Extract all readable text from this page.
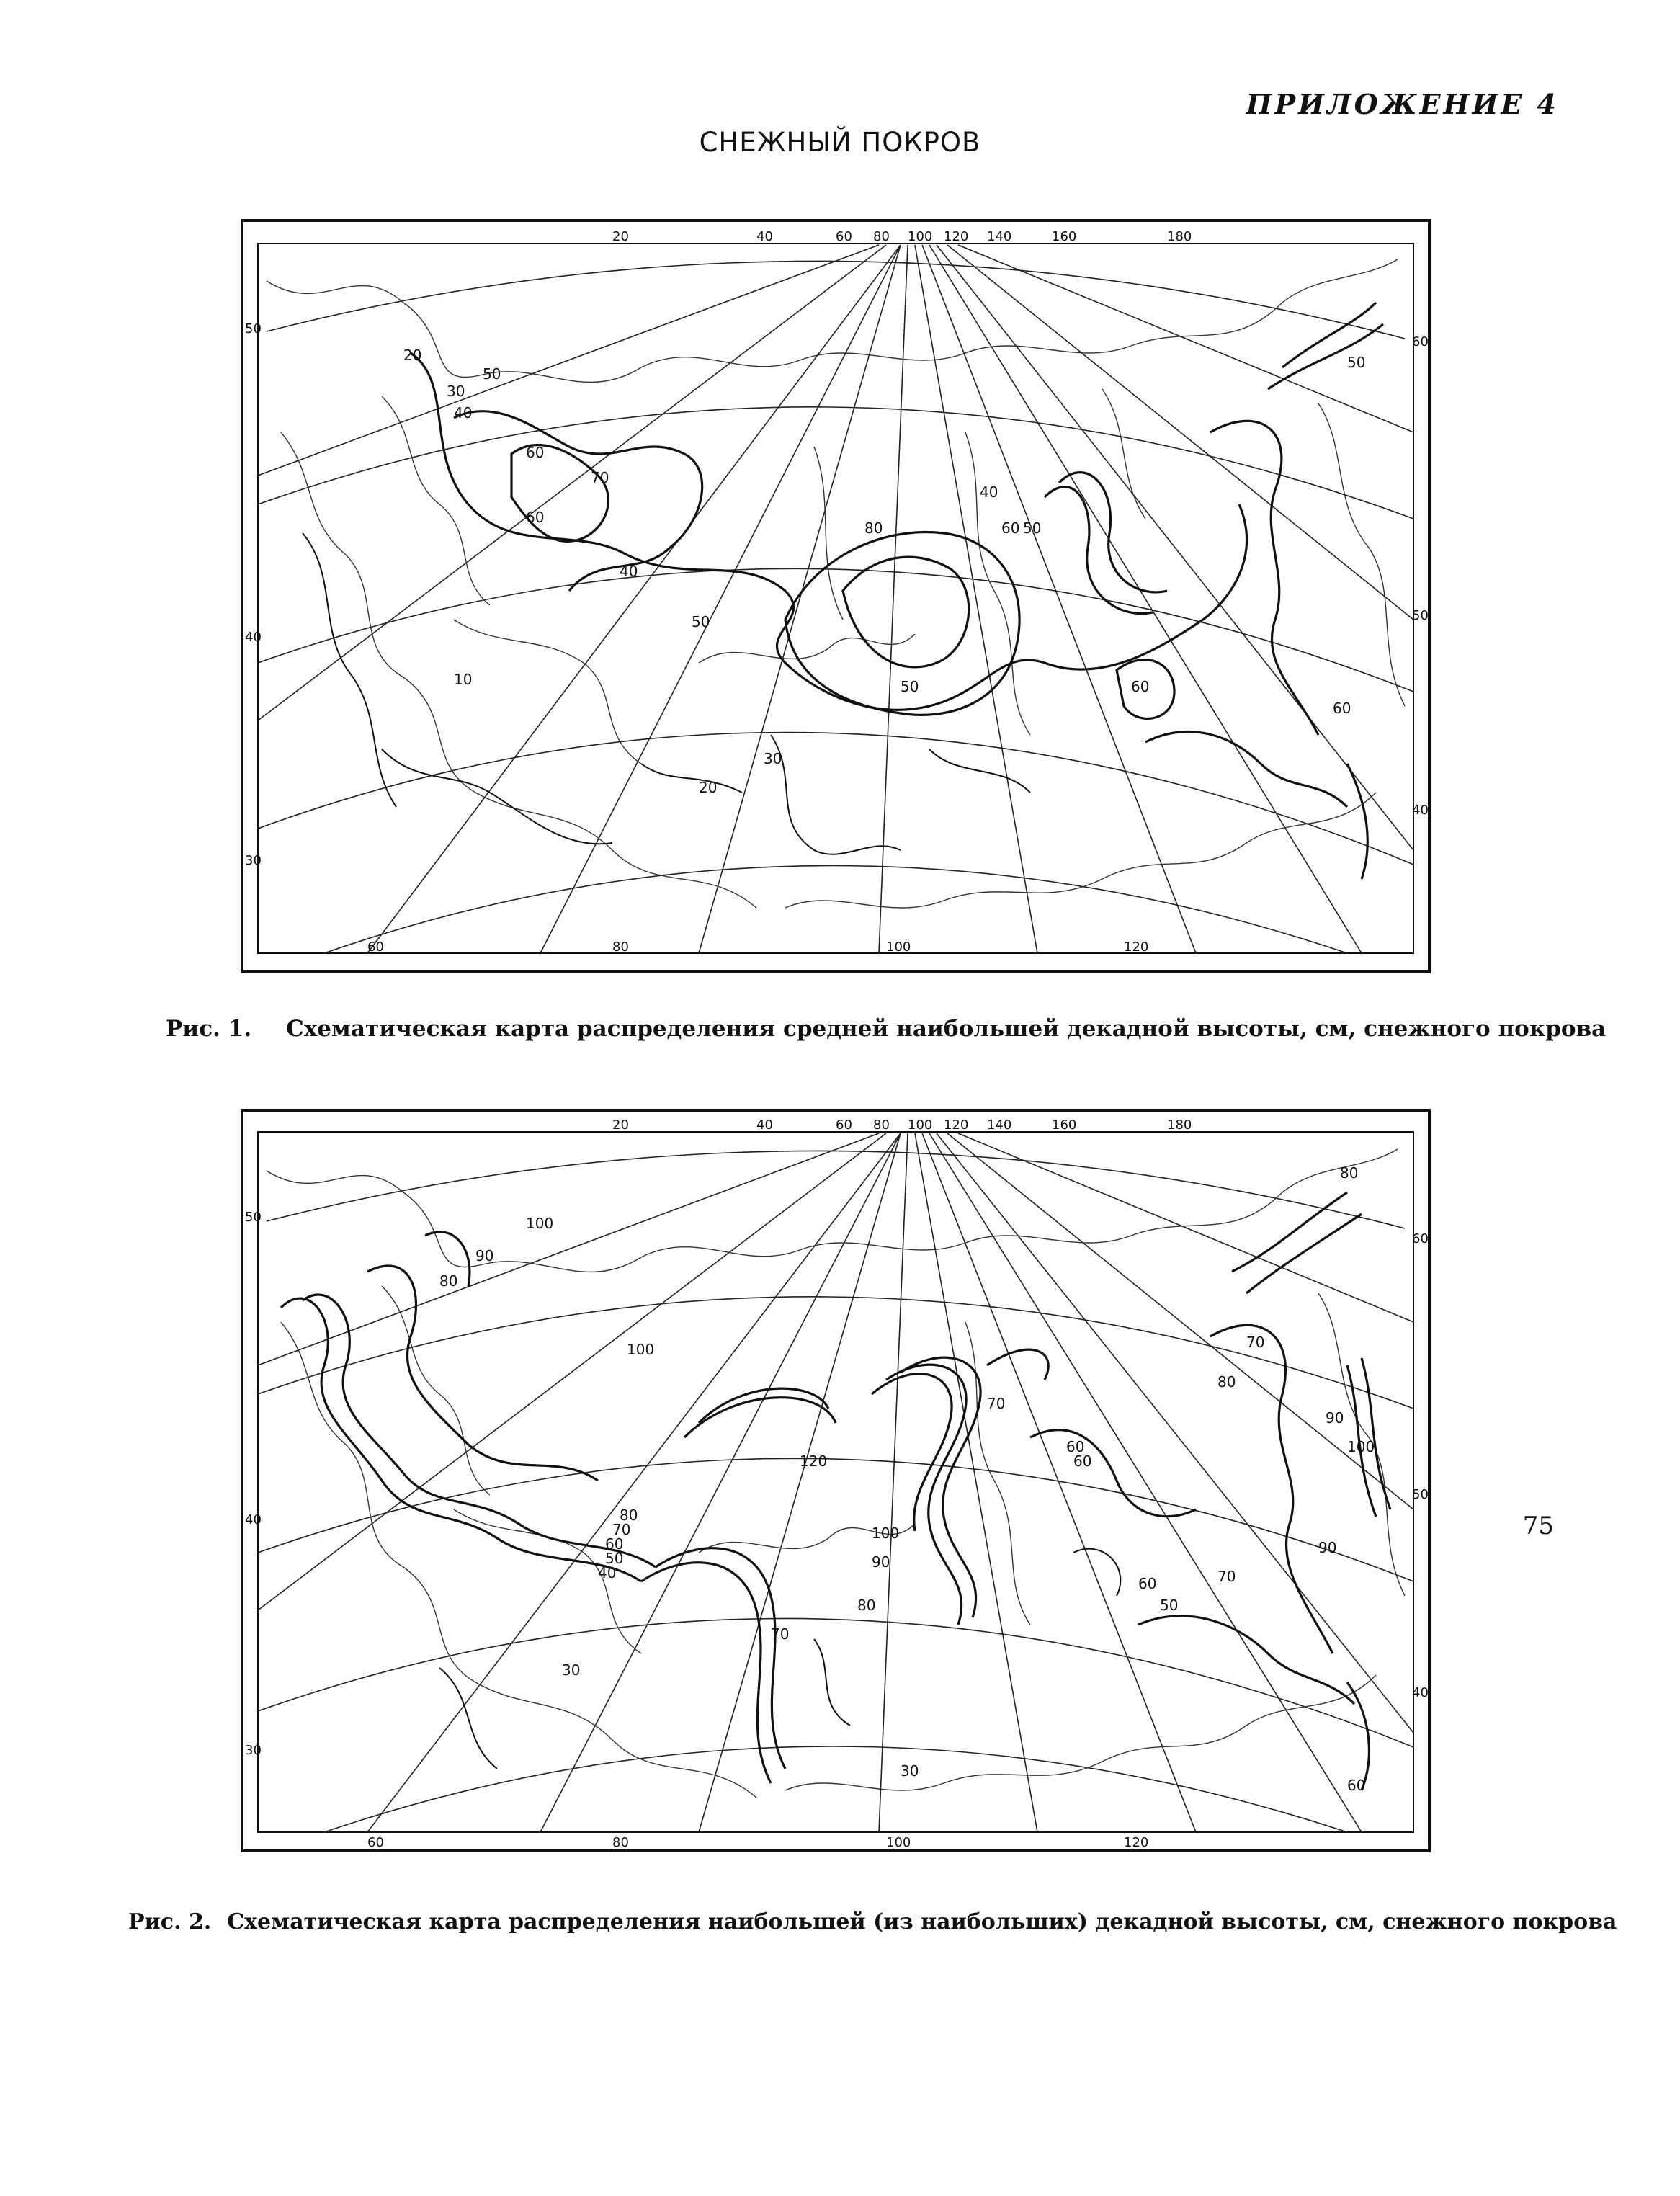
ПРИЛОЖЕНИЕ 4
СНЕЖНЫЙ ПОКРОВ
20	40	60 80 100 120 140	160	180
60	80	100	120
50
40
30
60
50
40
20
30
40
50
60
70
80
10
50
60
40
30
20
60 50
40
50	60
50
60
Рис. 1. Схематическая карта распределения средней наибольшей декадной высоты, см, снежного покрова
20	40	60 80 100 120 140	160	180
60	80	100	120
50
40
30
60
50
40
100
90
80
100
120
100
90
80
70
60
50
40
30
70
80
70
60
50
60
70
80
90
100
30
70
60
80
90
60
Рис. 2. Схематическая карта распределения наибольшей (из наибольших) декадной высоты, см, снежного покрова
75
